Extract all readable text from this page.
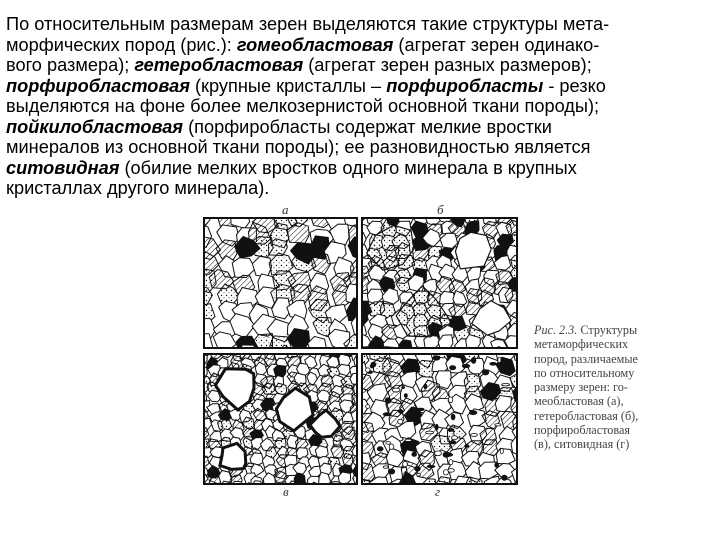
По относительным размерам зерен выделяются такие структуры мета-
морфических пород (рис.): гомеобластовая (агрегат зерен одинако-
вого размера); гетеробластовая (агрегат зерен разных размеров);
порфиробластовая (крупные кристаллы – порфиробласты - резко
выделяются на фоне более мелкозернистой основной ткани породы);
пойкилобластовая (порфиробласты содержат мелкие вростки
минералов из основной ткани породы); ее разновидностью является
ситовидная (обилие мелких вростков одного минерала в крупных
кристаллах другого минерала).
а	б
в	г
Рис. 2.3. Структуры
метаморфических
пород, различаемые
по относительному
размеру зерен: го-
меобластовая (а),
гетеробластовая (б),
порфиробластовая
(в), ситовидная (г)
